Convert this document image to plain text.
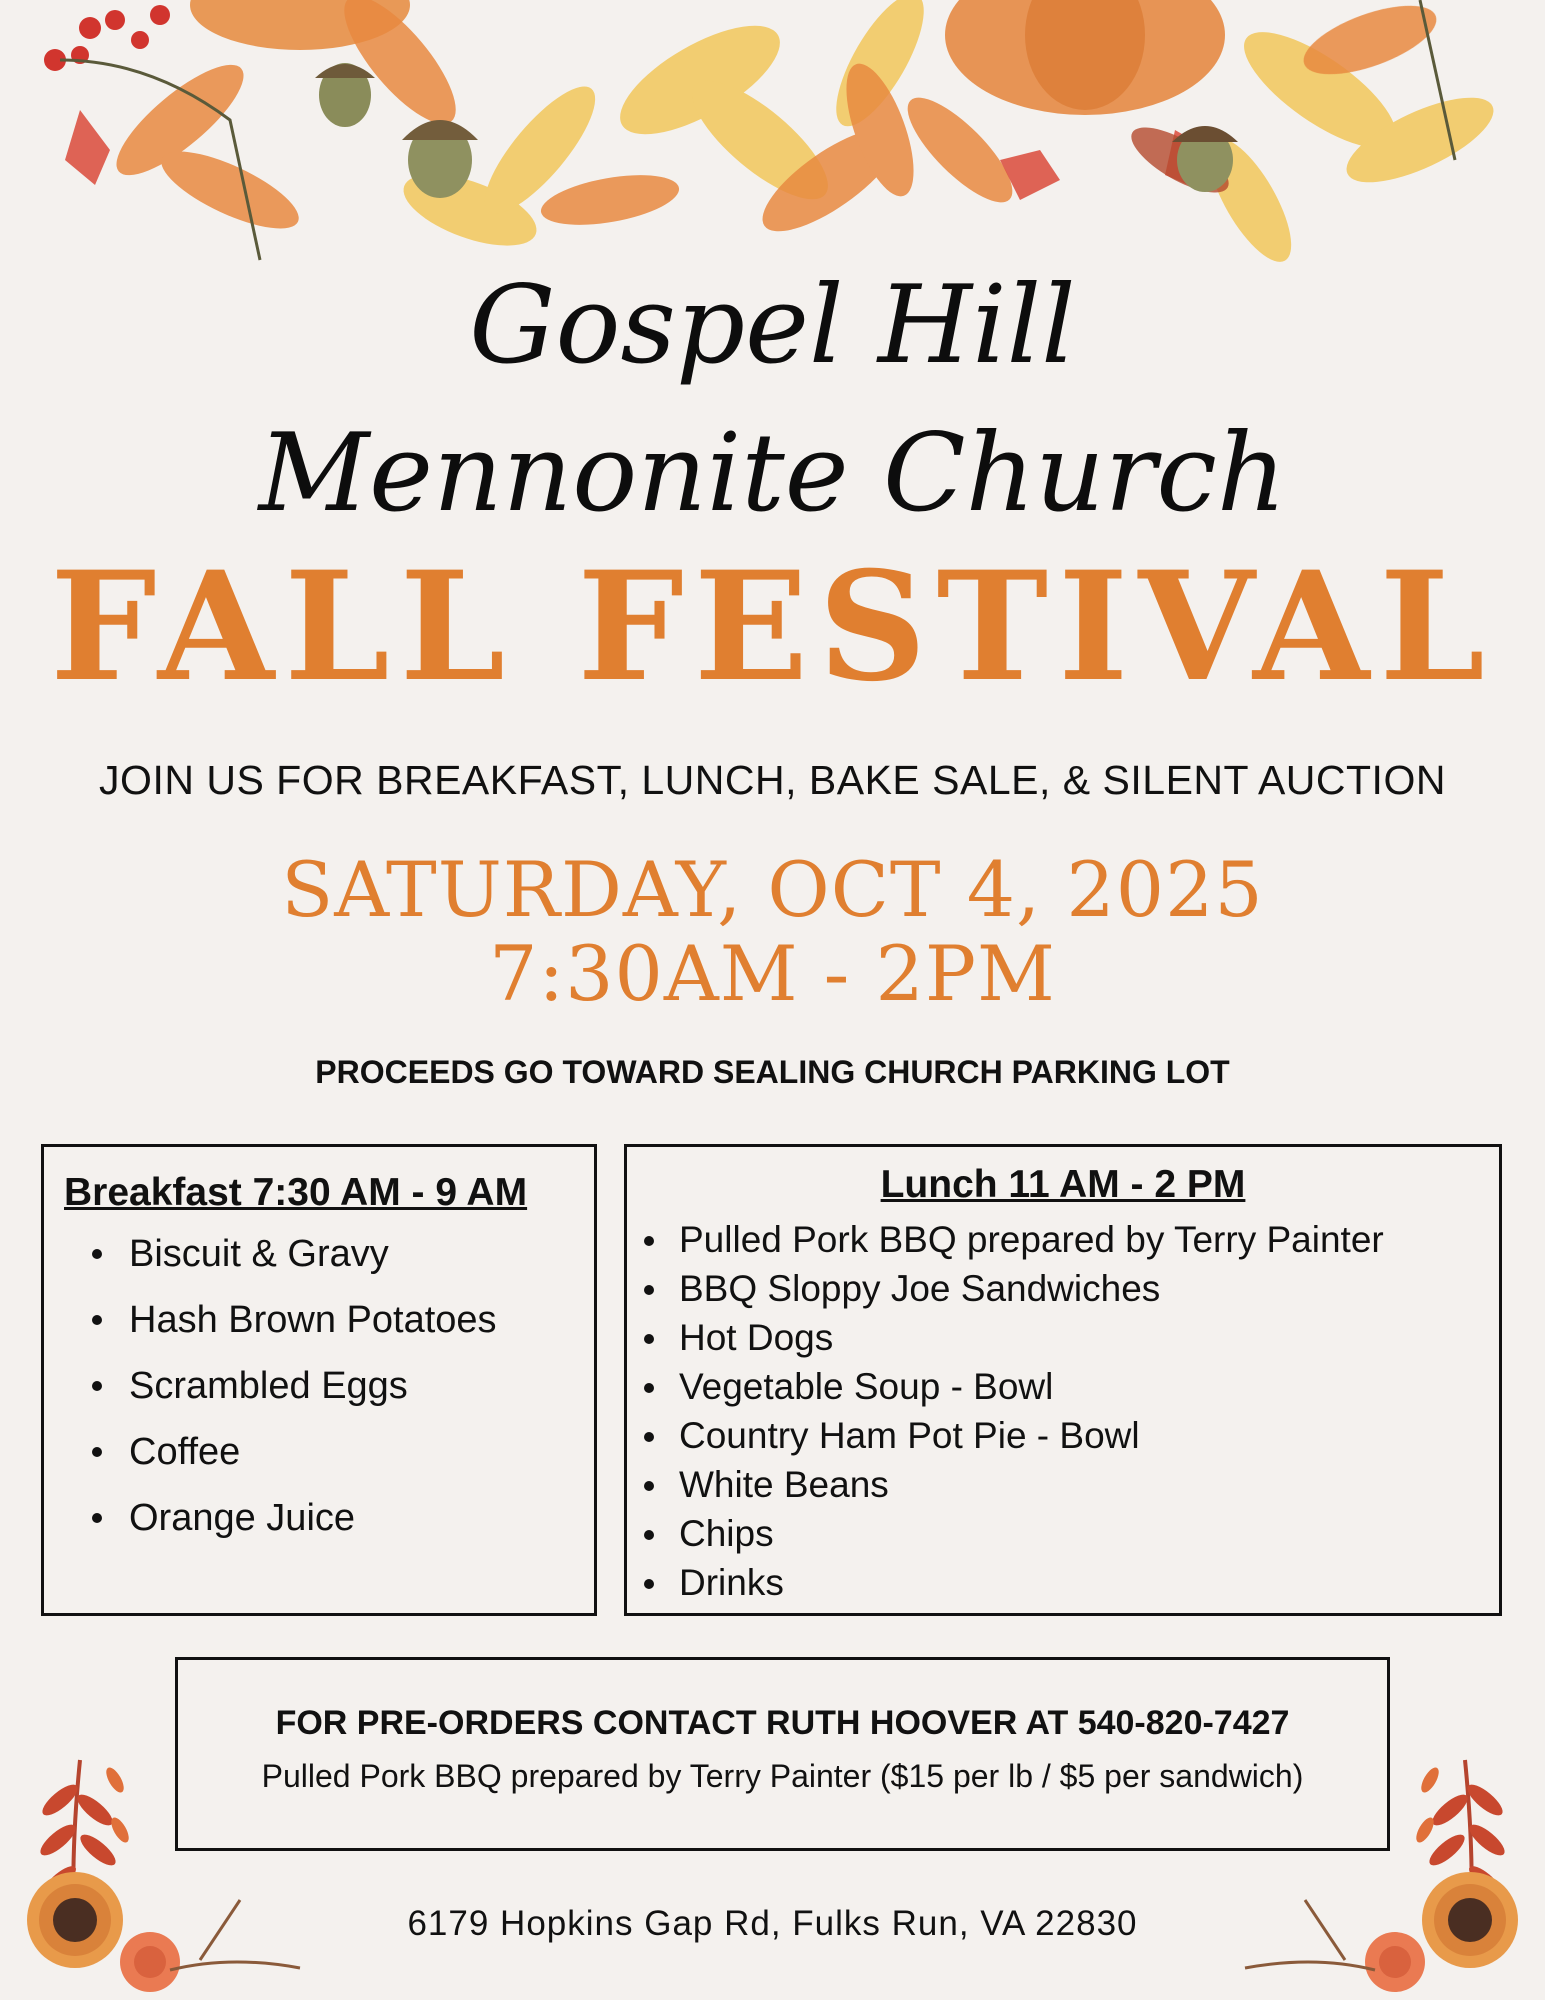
Gospel Hill
Mennonite Church
FALL FESTIVAL
JOIN US FOR BREAKFAST, LUNCH, BAKE SALE, & SILENT AUCTION
SATURDAY, OCT 4, 2025
7:30AM - 2PM
PROCEEDS GO TOWARD SEALING CHURCH PARKING LOT
Breakfast 7:30 AM - 9 AM
Biscuit & Gravy
Hash Brown Potatoes
Scrambled Eggs
Coffee
Orange Juice
Lunch 11 AM - 2 PM
Pulled Pork BBQ prepared by Terry Painter
BBQ Sloppy Joe Sandwiches
Hot Dogs
Vegetable Soup - Bowl
Country Ham Pot Pie - Bowl
White Beans
Chips
Drinks
FOR PRE-ORDERS CONTACT RUTH HOOVER AT 540-820-7427
Pulled Pork BBQ prepared by Terry Painter ($15 per lb / $5 per sandwich)
6179 Hopkins Gap Rd, Fulks Run, VA 22830
